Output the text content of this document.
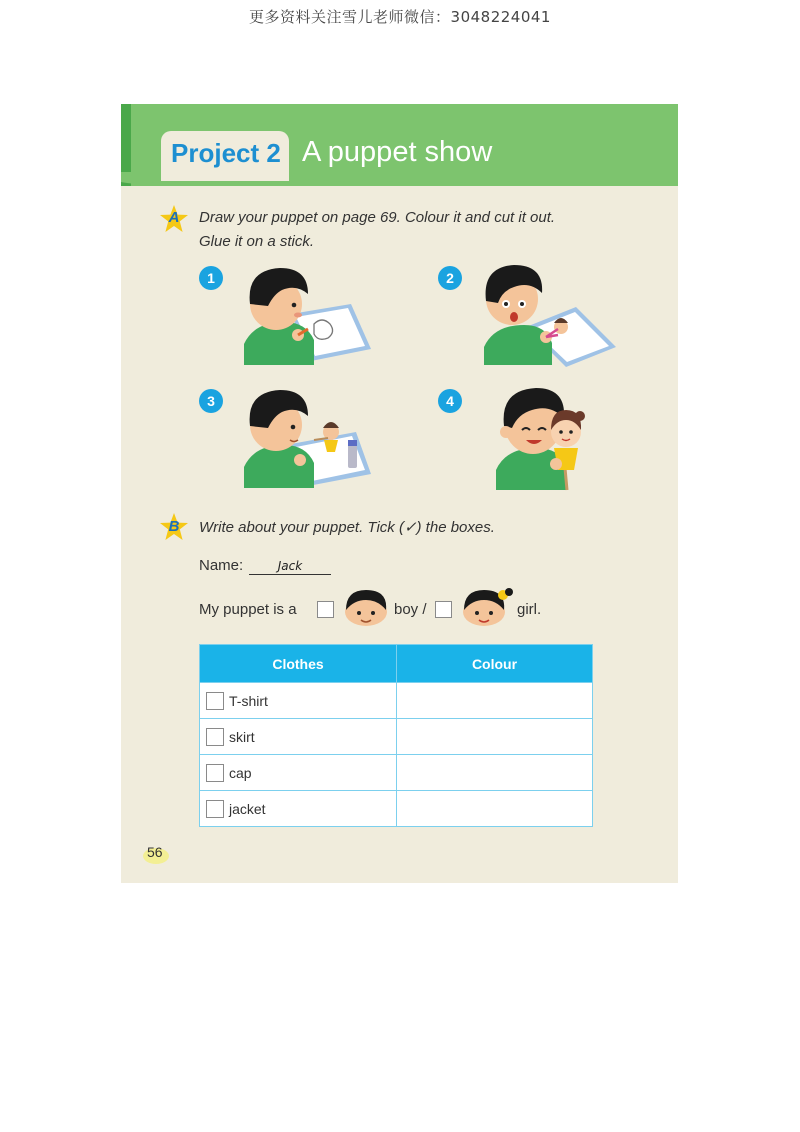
更多资料关注雪儿老师微信：3048224041
Project 2 A puppet show
A	Draw your puppet on page 69. Colour it and cut it out.
Glue it on a stick.
1	2
3	4
B	Write about your puppet. Tick (✓) the boxes.
Name:	Jack
My puppet is a	boy /	girl.
Clothes	Colour

T-shirt	

skirt	

cap	

jacket	

56
